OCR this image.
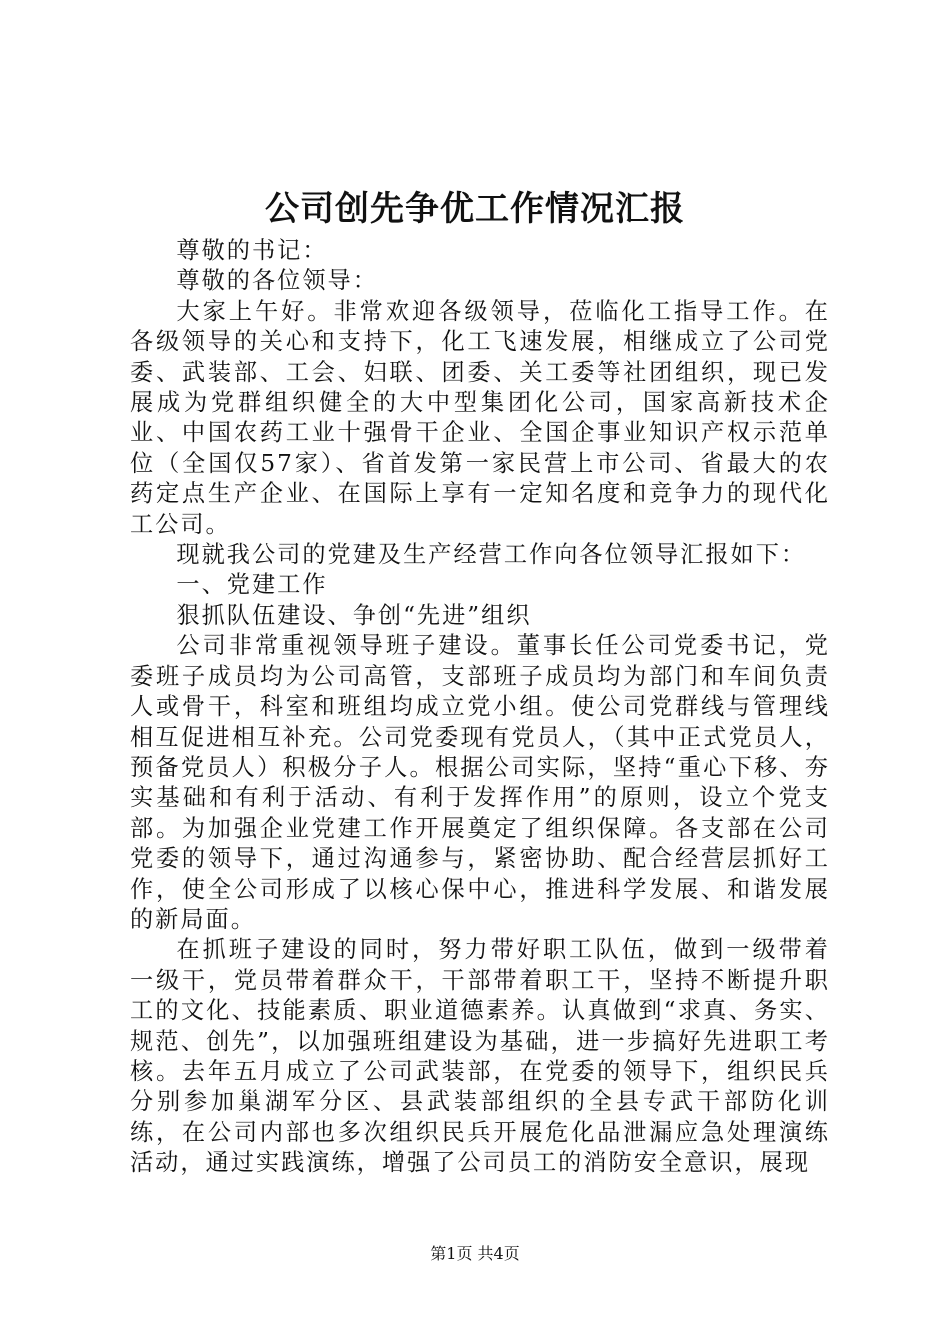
公司创先争优工作情况汇报

尊敬的书记：

尊敬的各位领导：

大家上午好。非常欢迎各级领导，莅临化工指导工作。在各级领导的关心和支持下，化工飞速发展，相继成立了公司党委、武装部、工会、妇联、团委、关工委等社团组织，现已发展成为党群组织健全的大中型集团化公司，国家高新技术企业、中国农药工业十强骨干企业、全国企事业知识产权示范单位（全国仅57家）、省首发第一家民营上市公司、省最大的农药定点生产企业、在国际上享有一定知名度和竞争力的现代化工公司。

现就我公司的党建及生产经营工作向各位领导汇报如下：

一、党建工作

狠抓队伍建设、争创“先进”组织

公司非常重视领导班子建设。董事长任公司党委书记，党委班子成员均为公司高管，支部班子成员均为部门和车间负责人或骨干，科室和班组均成立党小组。使公司党群线与管理线相互促进相互补充。公司党委现有党员人，（其中正式党员人，预备党员人）积极分子人。根据公司实际，坚持“重心下移、夯实基础和有利于活动、有利于发挥作用”的原则，设立个党支部。为加强企业党建工作开展奠定了组织保障。各支部在公司党委的领导下，通过沟通参与，紧密协助、配合经营层抓好工作，使全公司形成了以核心保中心，推进科学发展、和谐发展的新局面。

在抓班子建设的同时，努力带好职工队伍，做到一级带着一级干，党员带着群众干，干部带着职工干，坚持不断提升职工的文化、技能素质、职业道德素养。认真做到“求真、务实、规范、创先”，以加强班组建设为基础，进一步搞好先进职工考核。去年五月成立了公司武装部，在党委的领导下，组织民兵分别参加巢湖军分区、县武装部组织的全县专武干部防化训练，在公司内部也多次组织民兵开展危化品泄漏应急处理演练活动，通过实践演练，增强了公司员工的消防安全意识，展现

第1页 共4页
